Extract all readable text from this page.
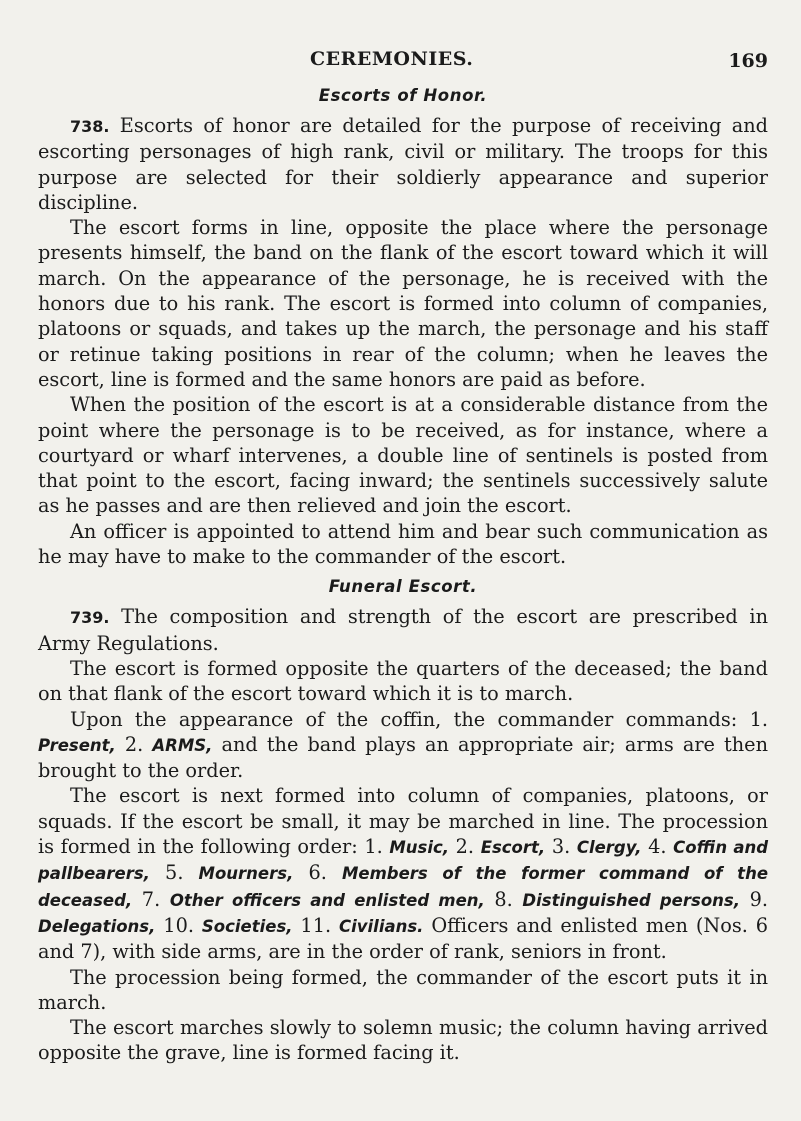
CEREMONIES.	169
Escorts of Honor.

738. Escorts of honor are detailed for the purpose of receiving and escorting personages of high rank, civil or military. The troops for this purpose are selected for their soldierly appearance and superior discipline.

The escort forms in line, opposite the place where the personage presents himself, the band on the flank of the escort toward which it will march. On the appearance of the personage, he is received with the honors due to his rank. The escort is formed into column of companies, platoons or squads, and takes up the march, the personage and his staff or retinue taking positions in rear of the column; when he leaves the escort, line is formed and the same honors are paid as before.

When the position of the escort is at a considerable distance from the point where the personage is to be received, as for instance, where a courtyard or wharf intervenes, a double line of sentinels is posted from that point to the escort, facing inward; the sentinels successively salute as he passes and are then relieved and join the escort.

An officer is appointed to attend him and bear such communication as he may have to make to the commander of the escort.

Funeral Escort.

739. The composition and strength of the escort are prescribed in Army Regulations.

The escort is formed opposite the quarters of the deceased; the band on that flank of the escort toward which it is to march.

Upon the appearance of the coffin, the commander commands: 1. Present, 2. ARMS, and the band plays an appropriate air; arms are then brought to the order.

The escort is next formed into column of companies, platoons, or squads. If the escort be small, it may be marched in line. The procession is formed in the following order: 1. Music, 2. Escort, 3. Clergy, 4. Coffin and pallbearers, 5. Mourners, 6. Members of the former command of the deceased, 7. Other officers and enlisted men, 8. Distinguished persons, 9. Delegations, 10. Societies, 11. Civilians. Officers and enlisted men (Nos. 6 and 7), with side arms, are in the order of rank, seniors in front.

The procession being formed, the commander of the escort puts it in march.

The escort marches slowly to solemn music; the column having arrived opposite the grave, line is formed facing it.
